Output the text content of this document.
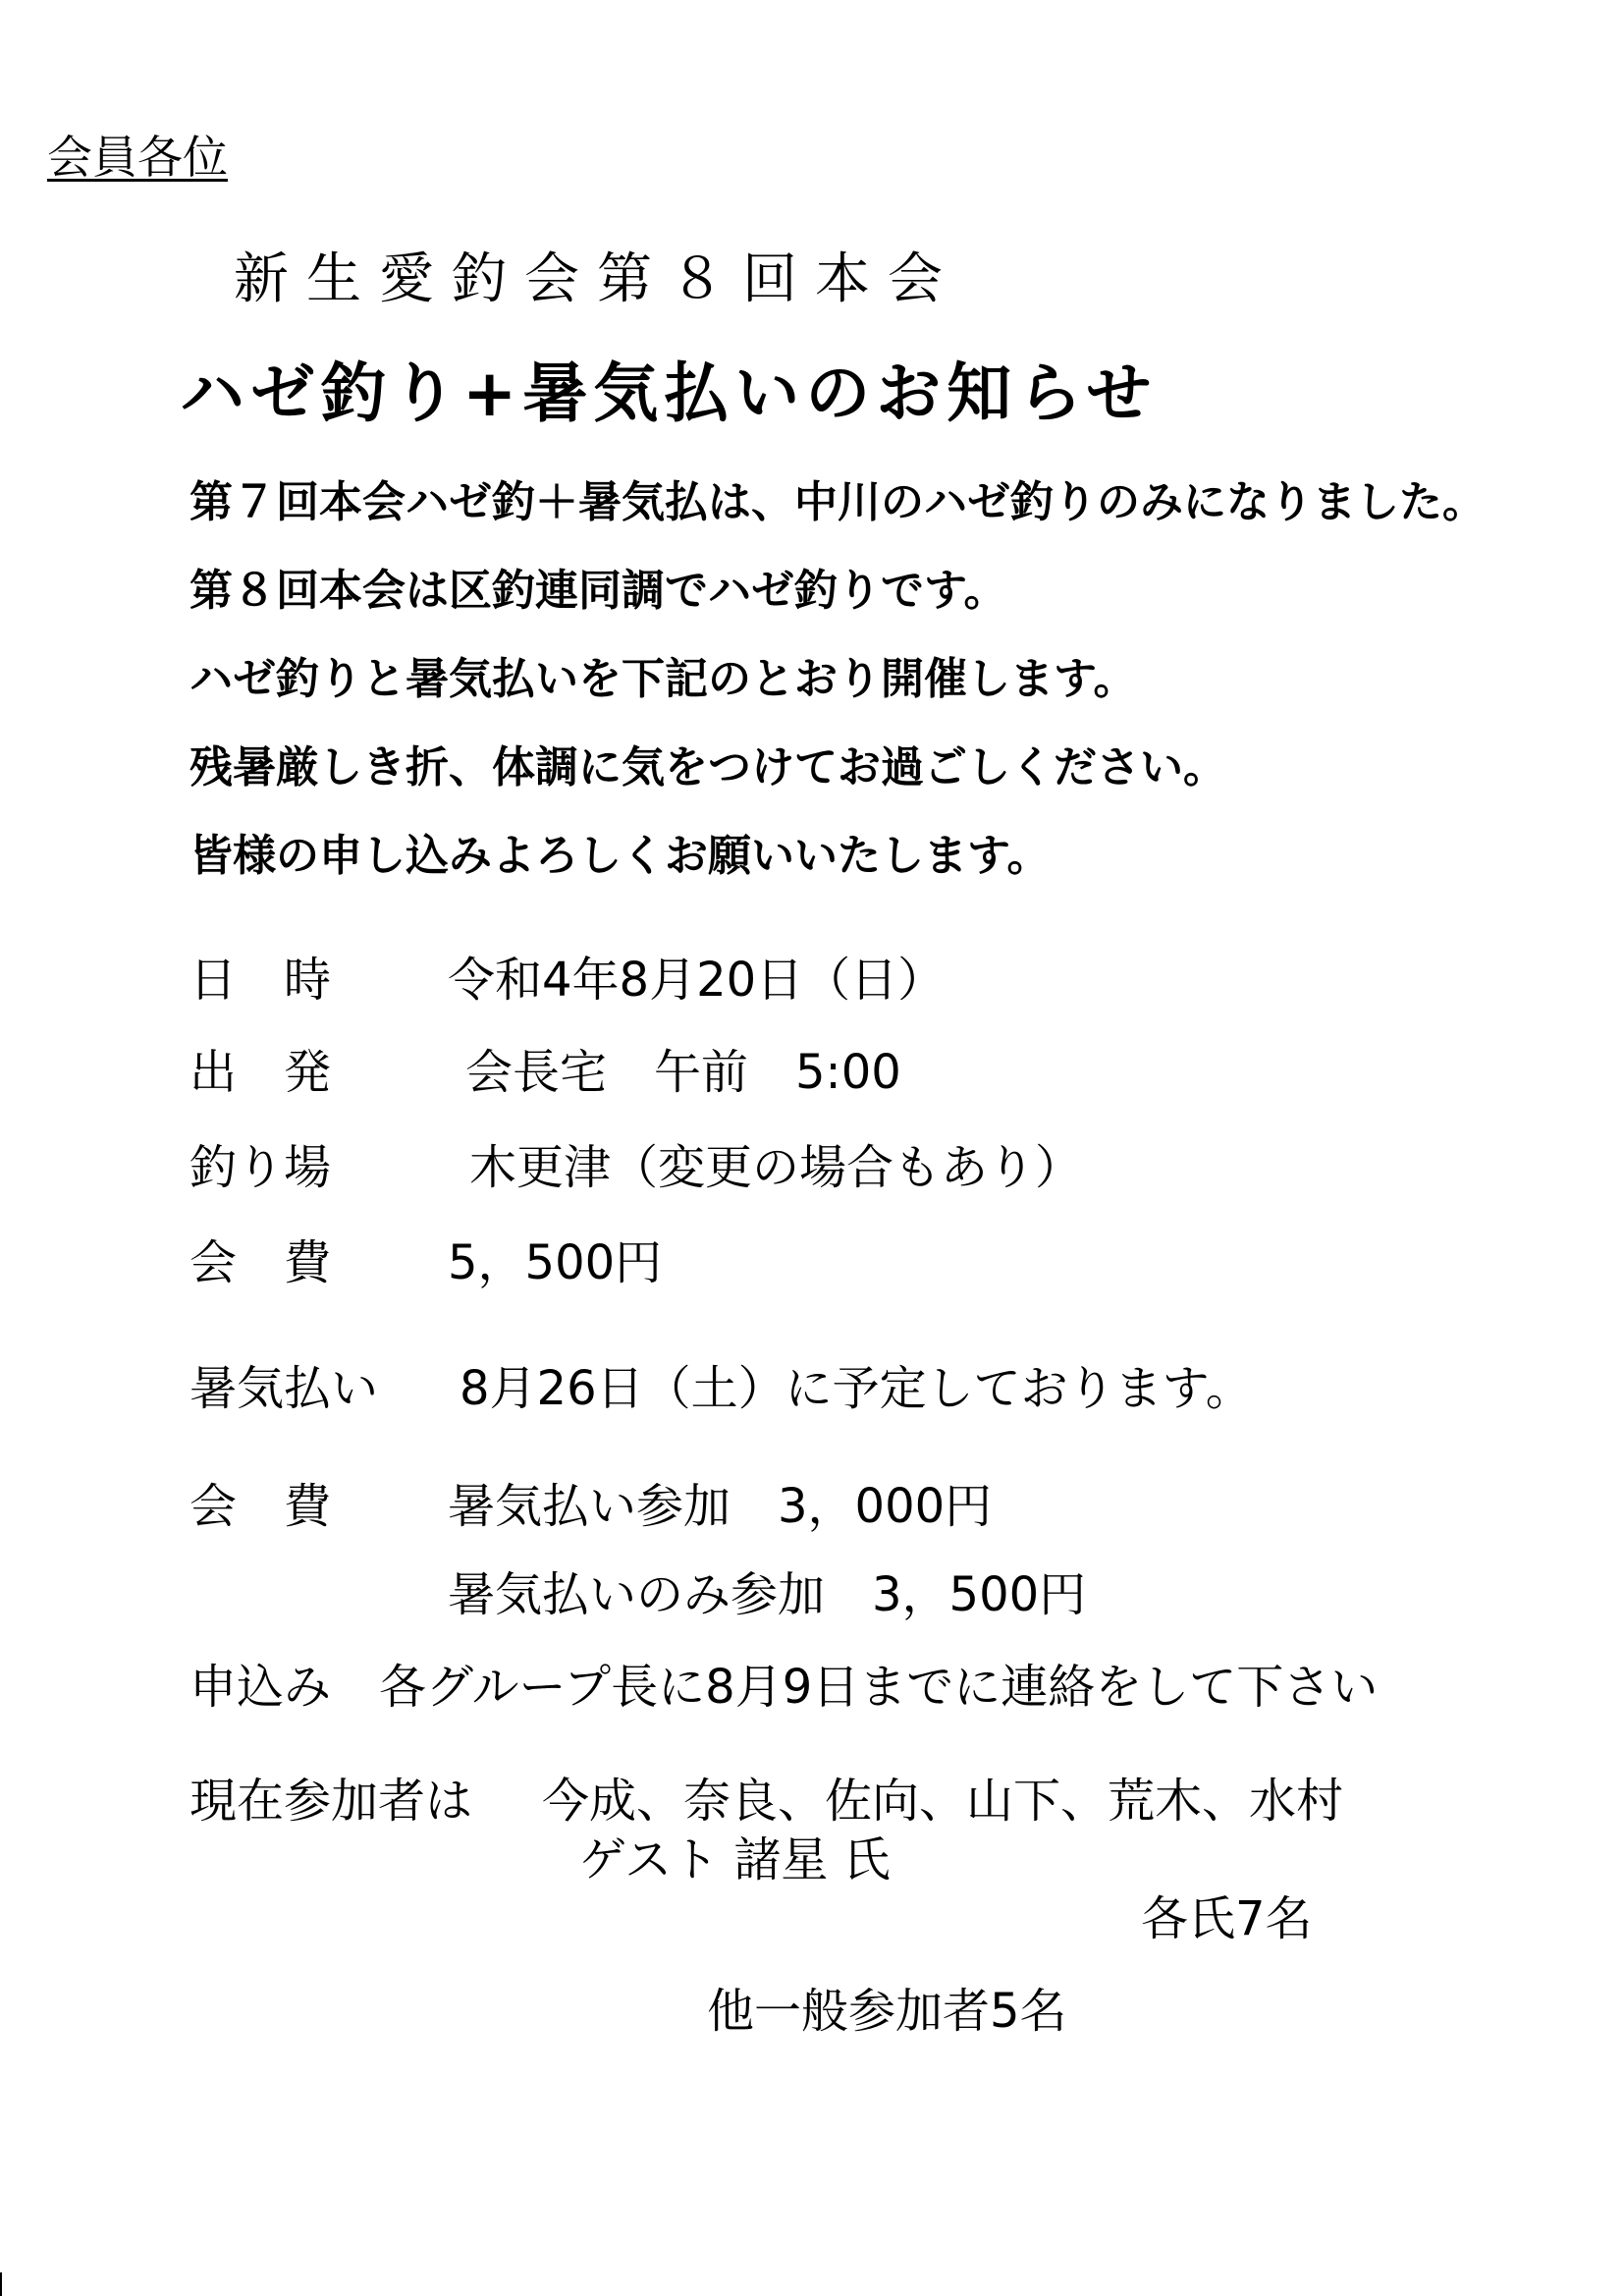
会員各位
新生愛釣会第８回本会
ハゼ釣り+暑気払いのお知らせ

第７回本会ハゼ釣＋暑気払は、中川のハゼ釣りのみになりました。

第８回本会は区釣連同調でハゼ釣りです。

ハゼ釣りと暑気払いを下記のとおり開催します。

残暑厳しき折、体調に気をつけてお過ごしください。

皆様の申し込みよろしくお願いいたします。

日時 令和4年8月20日（日）
出発 会長宅　午前　5:00
釣り場	木更津（変更の場合もあり）
会費 5，500円
暑気払い 8月26日（土）に予定しております。
会費 暑気払い参加　3，000円
暑気払いのみ参加　3，500円
申込み 各グループ長に8月9日までに連絡をして下さい
現在参加者は 今成、奈良、佐向、山下、荒木、水村
ゲスト 諸星 氏
各氏7名
他一般参加者5名
